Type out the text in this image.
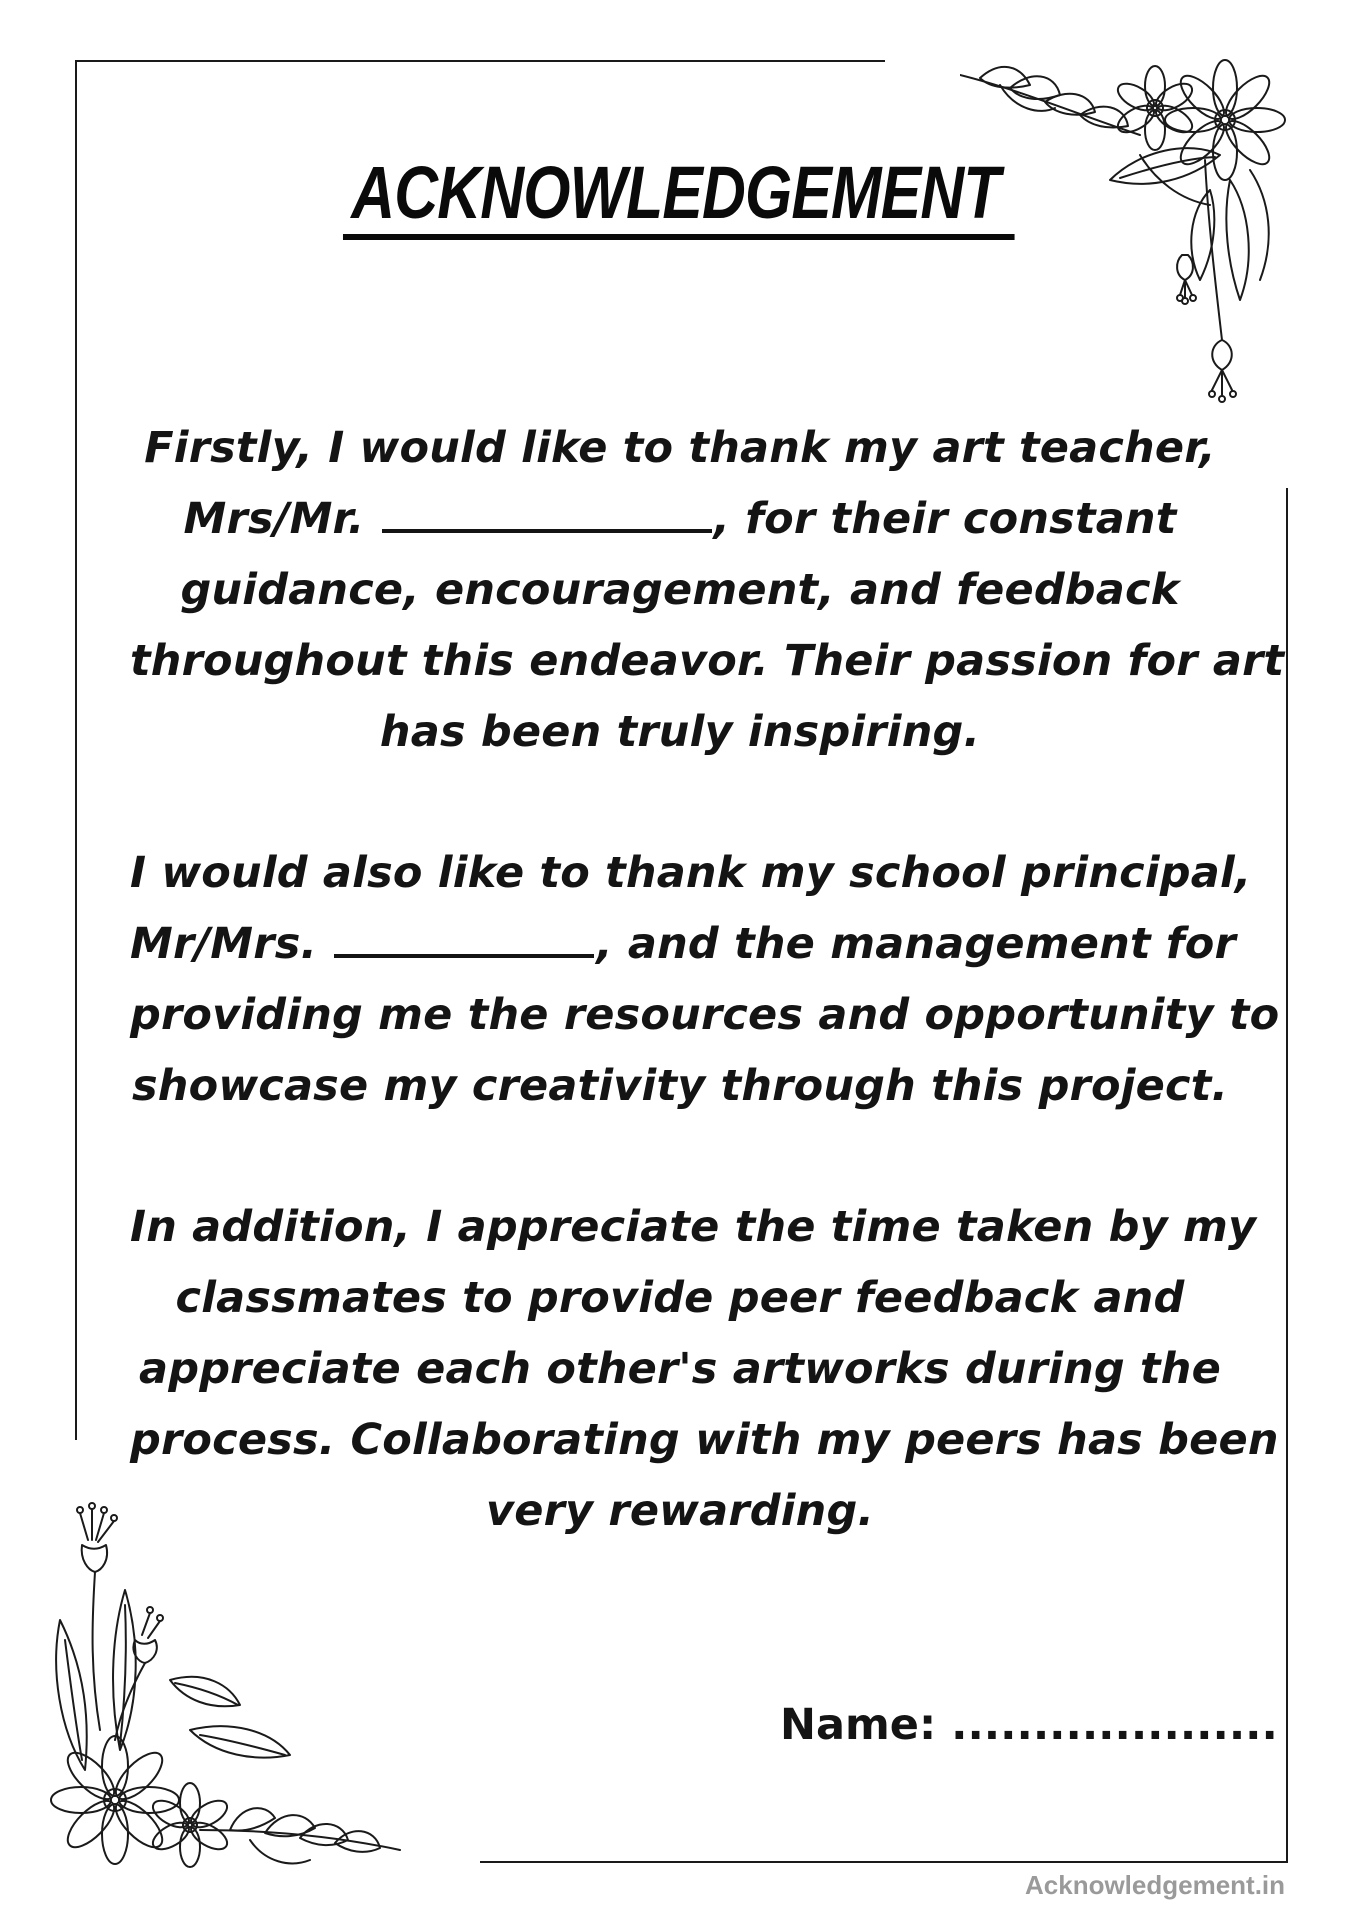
ACKNOWLEDGEMENT
Firstly, I would like to thank my art teacher,
Mrs/Mr.	, for their constant
guidance, encouragement, and feedback
throughout this endeavor. Their passion for art
has been truly inspiring.
I would also like to thank my school principal,
Mr/Mrs.	, and the management for
providing me the resources and opportunity to
showcase my creativity through this project.
In addition, I appreciate the time taken by my
classmates to provide peer feedback and
appreciate each other's artworks during the
process. Collaborating with my peers has been
very rewarding.
Name: ....................
Acknowledgement.in
